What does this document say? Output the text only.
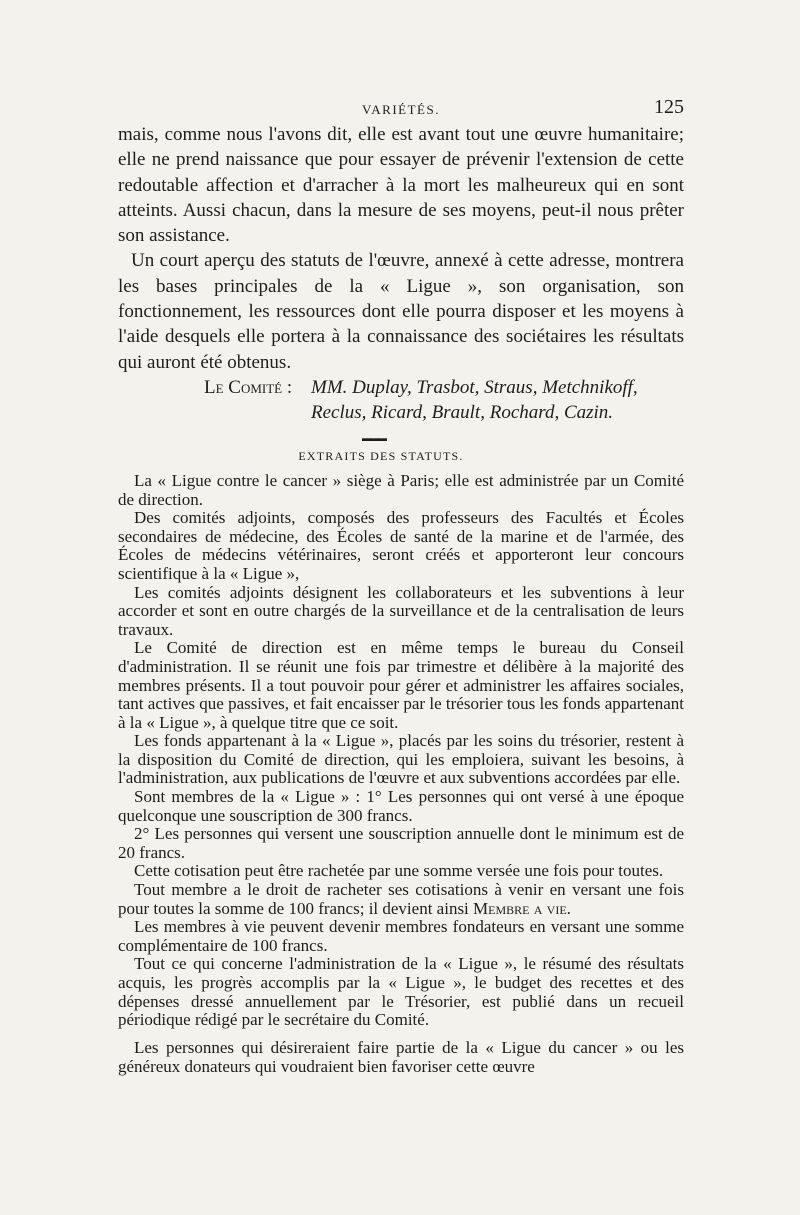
VARIÉTÉS.	125

mais, comme nous l'avons dit, elle est avant tout une œuvre humanitaire; elle ne prend naissance que pour essayer de prévenir l'extension de cette redoutable affection et d'arracher à la mort les malheureux qui en sont atteints. Aussi chacun, dans la mesure de ses moyens, peut-il nous prêter son assistance.

Un court aperçu des statuts de l'œuvre, annexé à cette adresse, montrera les bases principales de la « Ligue », son organisation, son fonctionnement, les ressources dont elle pourra disposer et les moyens à l'aide desquels elle portera à la connaissance des sociétaires les résultats qui auront été obtenus.

Le Comité : MM. Duplay, Trasbot, Straus, Metchnikoff,
Reclus, Ricard, Brault, Rochard, Cazin.
▬▬▬
EXTRAITS DES STATUTS.

La « Ligue contre le cancer » siège à Paris; elle est administrée par un Comité de direction.

Des comités adjoints, composés des professeurs des Facultés et Écoles secondaires de médecine, des Écoles de santé de la marine et de l'armée, des Écoles de médecins vétérinaires, seront créés et apporteront leur concours scientifique à la « Ligue »,

Les comités adjoints désignent les collaborateurs et les subventions à leur accorder et sont en outre chargés de la surveillance et de la centralisation de leurs travaux.

Le Comité de direction est en même temps le bureau du Conseil d'administration. Il se réunit une fois par trimestre et délibère à la majorité des membres présents. Il a tout pouvoir pour gérer et administrer les affaires sociales, tant actives que passives, et fait encaisser par le trésorier tous les fonds appartenant à la « Ligue », à quelque titre que ce soit.

Les fonds appartenant à la « Ligue », placés par les soins du trésorier, restent à la disposition du Comité de direction, qui les emploiera, suivant les besoins, à l'administration, aux publications de l'œuvre et aux subventions accordées par elle.

Sont membres de la « Ligue » : 1° Les personnes qui ont versé à une époque quelconque une souscription de 300 francs.

2° Les personnes qui versent une souscription annuelle dont le minimum est de 20 francs.

Cette cotisation peut être rachetée par une somme versée une fois pour toutes.

Tout membre a le droit de racheter ses cotisations à venir en versant une fois pour toutes la somme de 100 francs; il devient ainsi Membre a vie.

Les membres à vie peuvent devenir membres fondateurs en versant une somme complémentaire de 100 francs.

Tout ce qui concerne l'administration de la « Ligue », le résumé des résultats acquis, les progrès accomplis par la « Ligue », le budget des recettes et des dépenses dressé annuellement par le Trésorier, est publié dans un recueil périodique rédigé par le secrétaire du Comité.

Les personnes qui désireraient faire partie de la « Ligue du cancer » ou les généreux donateurs qui voudraient bien favoriser cette œuvre
